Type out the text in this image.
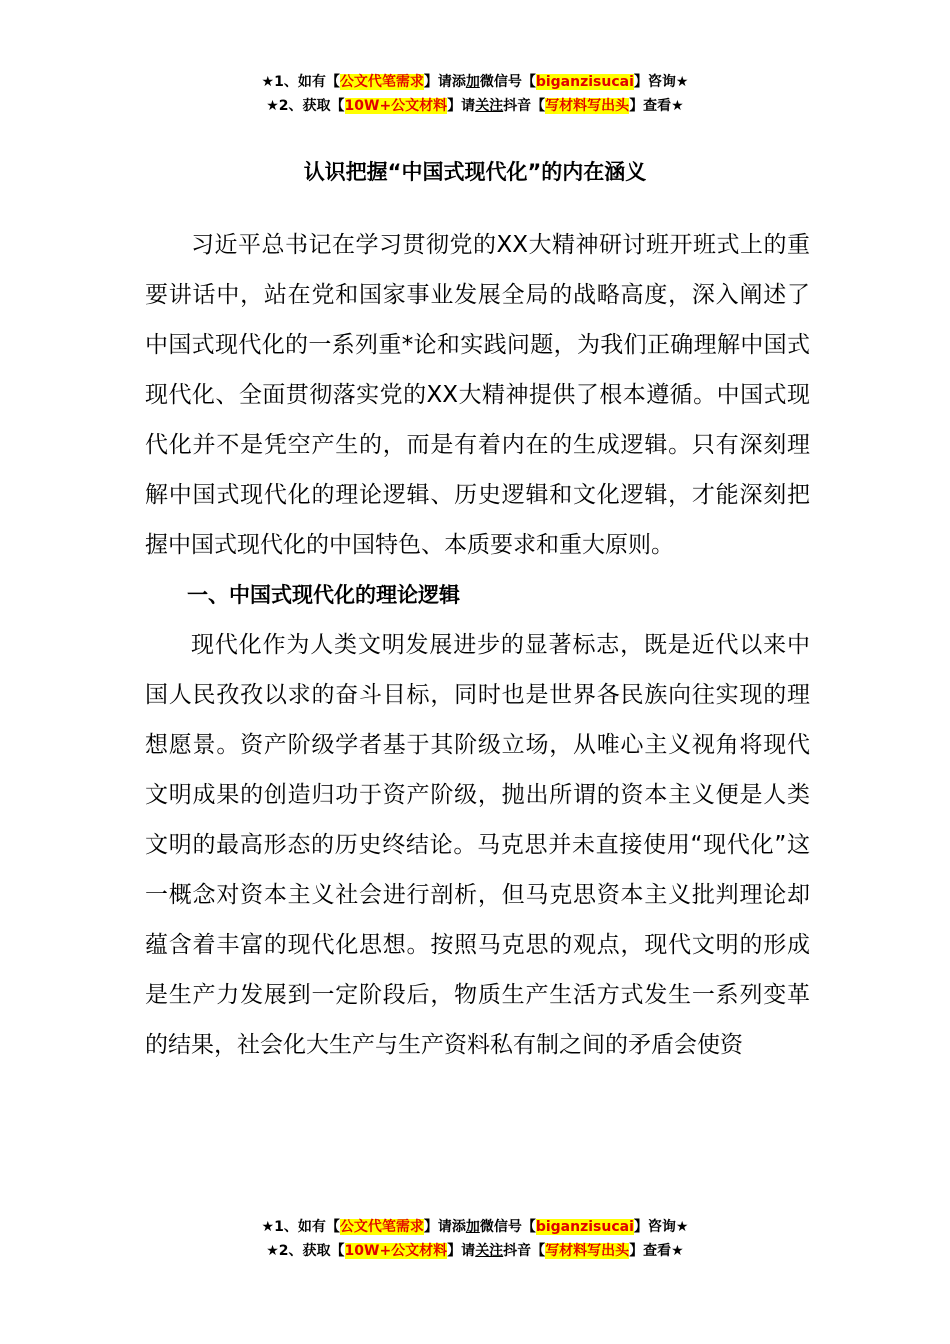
★1、如有【公文代笔需求】请添加微信号【biganzisucai】咨询★
★2、获取【10W+公文材料】请关注抖音【写材料写出头】查看★
认识把握“中国式现代化”的内在涵义

习近平总书记在学习贯彻党的XX大精神研讨班开班式上的重要讲话中，站在党和国家事业发展全局的战略高度，深入阐述了中国式现代化的一系列重*论和实践问题，为我们正确理解中国式现代化、全面贯彻落实党的XX大精神提供了根本遵循。中国式现代化并不是凭空产生的，而是有着内在的生成逻辑。只有深刻理解中国式现代化的理论逻辑、历史逻辑和文化逻辑，才能深刻把握中国式现代化的中国特色、本质要求和重大原则。

一、中国式现代化的理论逻辑

现代化作为人类文明发展进步的显著标志，既是近代以来中国人民孜孜以求的奋斗目标，同时也是世界各民族向往实现的理想愿景。资产阶级学者基于其阶级立场，从唯心主义视角将现代文明成果的创造归功于资产阶级，抛出所谓的资本主义便是人类文明的最高形态的历史终结论。马克思并未直接使用“现代化”这一概念对资本主义社会进行剖析，但马克思资本主义批判理论却蕴含着丰富的现代化思想。按照马克思的观点，现代文明的形成是生产力发展到一定阶段后，物质生产生活方式发生一系列变革的结果，社会化大生产与生产资料私有制之间的矛盾会使资

★1、如有【公文代笔需求】请添加微信号【biganzisucai】咨询★
★2、获取【10W+公文材料】请关注抖音【写材料写出头】查看★
